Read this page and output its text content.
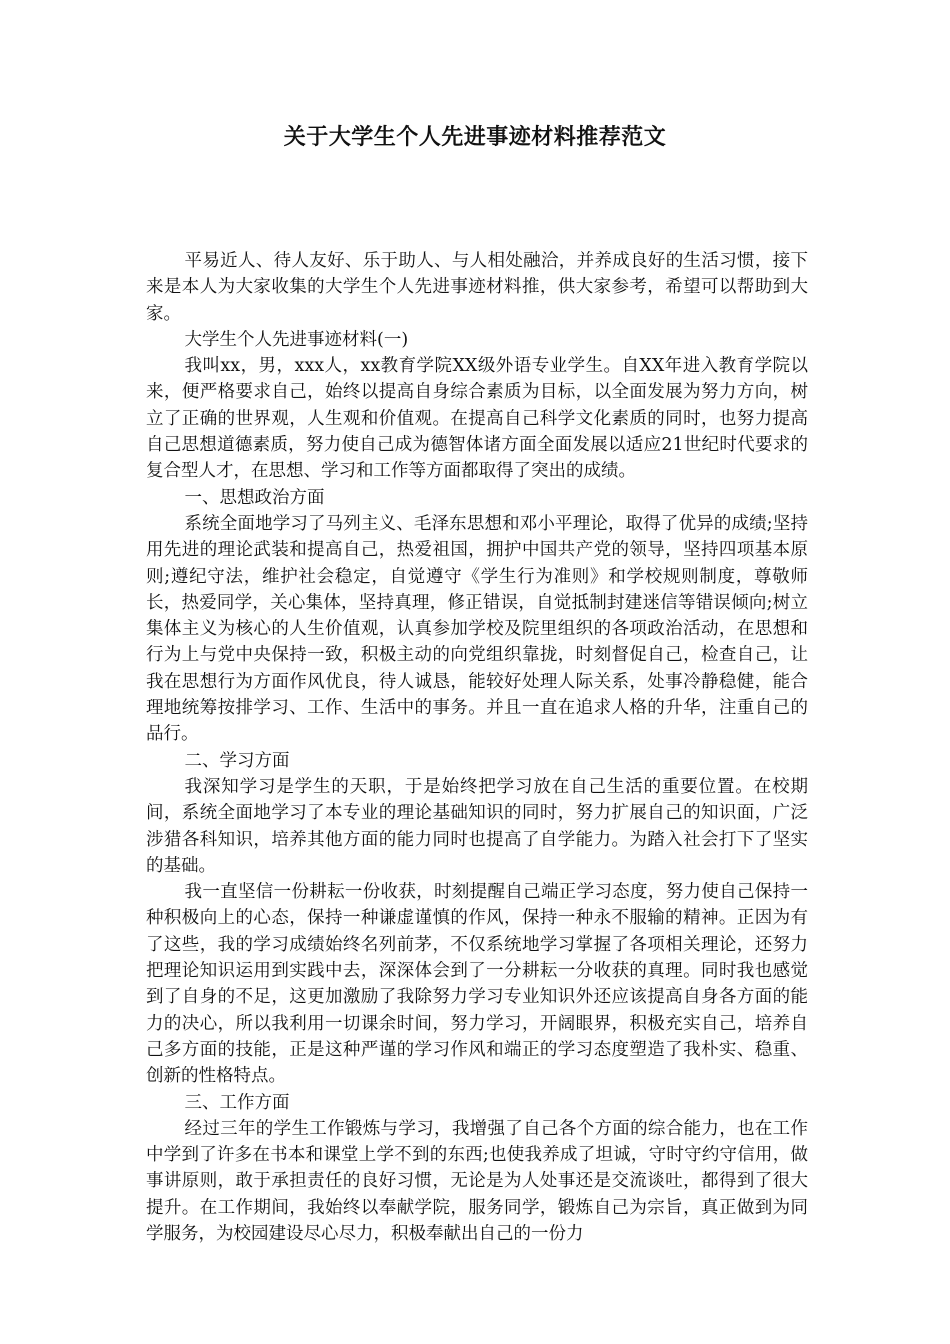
关于大学生个人先进事迹材料推荐范文

平易近人、待人友好、乐于助人、与人相处融洽，并养成良好的生活习惯，接下来是本人为大家收集的大学生个人先进事迹材料推，供大家参考，希望可以帮助到大家。

大学生个人先进事迹材料(一)

我叫xx，男，xxx人，xx教育学院XX级外语专业学生。自XX年进入教育学院以来，便严格要求自己，始终以提高自身综合素质为目标，以全面发展为努力方向，树立了正确的世界观，人生观和价值观。在提高自己科学文化素质的同时，也努力提高自己思想道德素质，努力使自己成为德智体诸方面全面发展以适应21世纪时代要求的复合型人才，在思想、学习和工作等方面都取得了突出的成绩。

一、思想政治方面

系统全面地学习了马列主义、毛泽东思想和邓小平理论，取得了优异的成绩;坚持用先进的理论武装和提高自己，热爱祖国，拥护中国共产党的领导，坚持四项基本原则;遵纪守法，维护社会稳定，自觉遵守《学生行为准则》和学校规则制度，尊敬师长，热爱同学，关心集体，坚持真理，修正错误，自觉抵制封建迷信等错误倾向;树立集体主义为核心的人生价值观，认真参加学校及院里组织的各项政治活动，在思想和行为上与党中央保持一致，积极主动的向党组织靠拢，时刻督促自己，检查自己，让我在思想行为方面作风优良，待人诚恳，能较好处理人际关系，处事冷静稳健，能合理地统筹按排学习、工作、生活中的事务。并且一直在追求人格的升华，注重自己的品行。

二、学习方面

我深知学习是学生的天职，于是始终把学习放在自己生活的重要位置。在校期间，系统全面地学习了本专业的理论基础知识的同时，努力扩展自己的知识面，广泛涉猎各科知识，培养其他方面的能力同时也提高了自学能力。为踏入社会打下了坚实的基础。

我一直坚信一份耕耘一份收获，时刻提醒自己端正学习态度，努力使自己保持一种积极向上的心态，保持一种谦虚谨慎的作风，保持一种永不服输的精神。正因为有了这些，我的学习成绩始终名列前茅，不仅系统地学习掌握了各项相关理论，还努力把理论知识运用到实践中去，深深体会到了一分耕耘一分收获的真理。同时我也感觉到了自身的不足，这更加激励了我除努力学习专业知识外还应该提高自身各方面的能力的决心，所以我利用一切课余时间，努力学习，开阔眼界，积极充实自己，培养自己多方面的技能，正是这种严谨的学习作风和端正的学习态度塑造了我朴实、稳重、创新的性格特点。

三、工作方面

经过三年的学生工作锻炼与学习，我增强了自己各个方面的综合能力，也在工作中学到了许多在书本和课堂上学不到的东西;也使我养成了坦诚，守时守约守信用，做事讲原则，敢于承担责任的良好习惯，无论是为人处事还是交流谈吐，都得到了很大提升。在工作期间，我始终以奉献学院，服务同学，锻炼自己为宗旨，真正做到为同学服务，为校园建设尽心尽力，积极奉献出自己的一份力
